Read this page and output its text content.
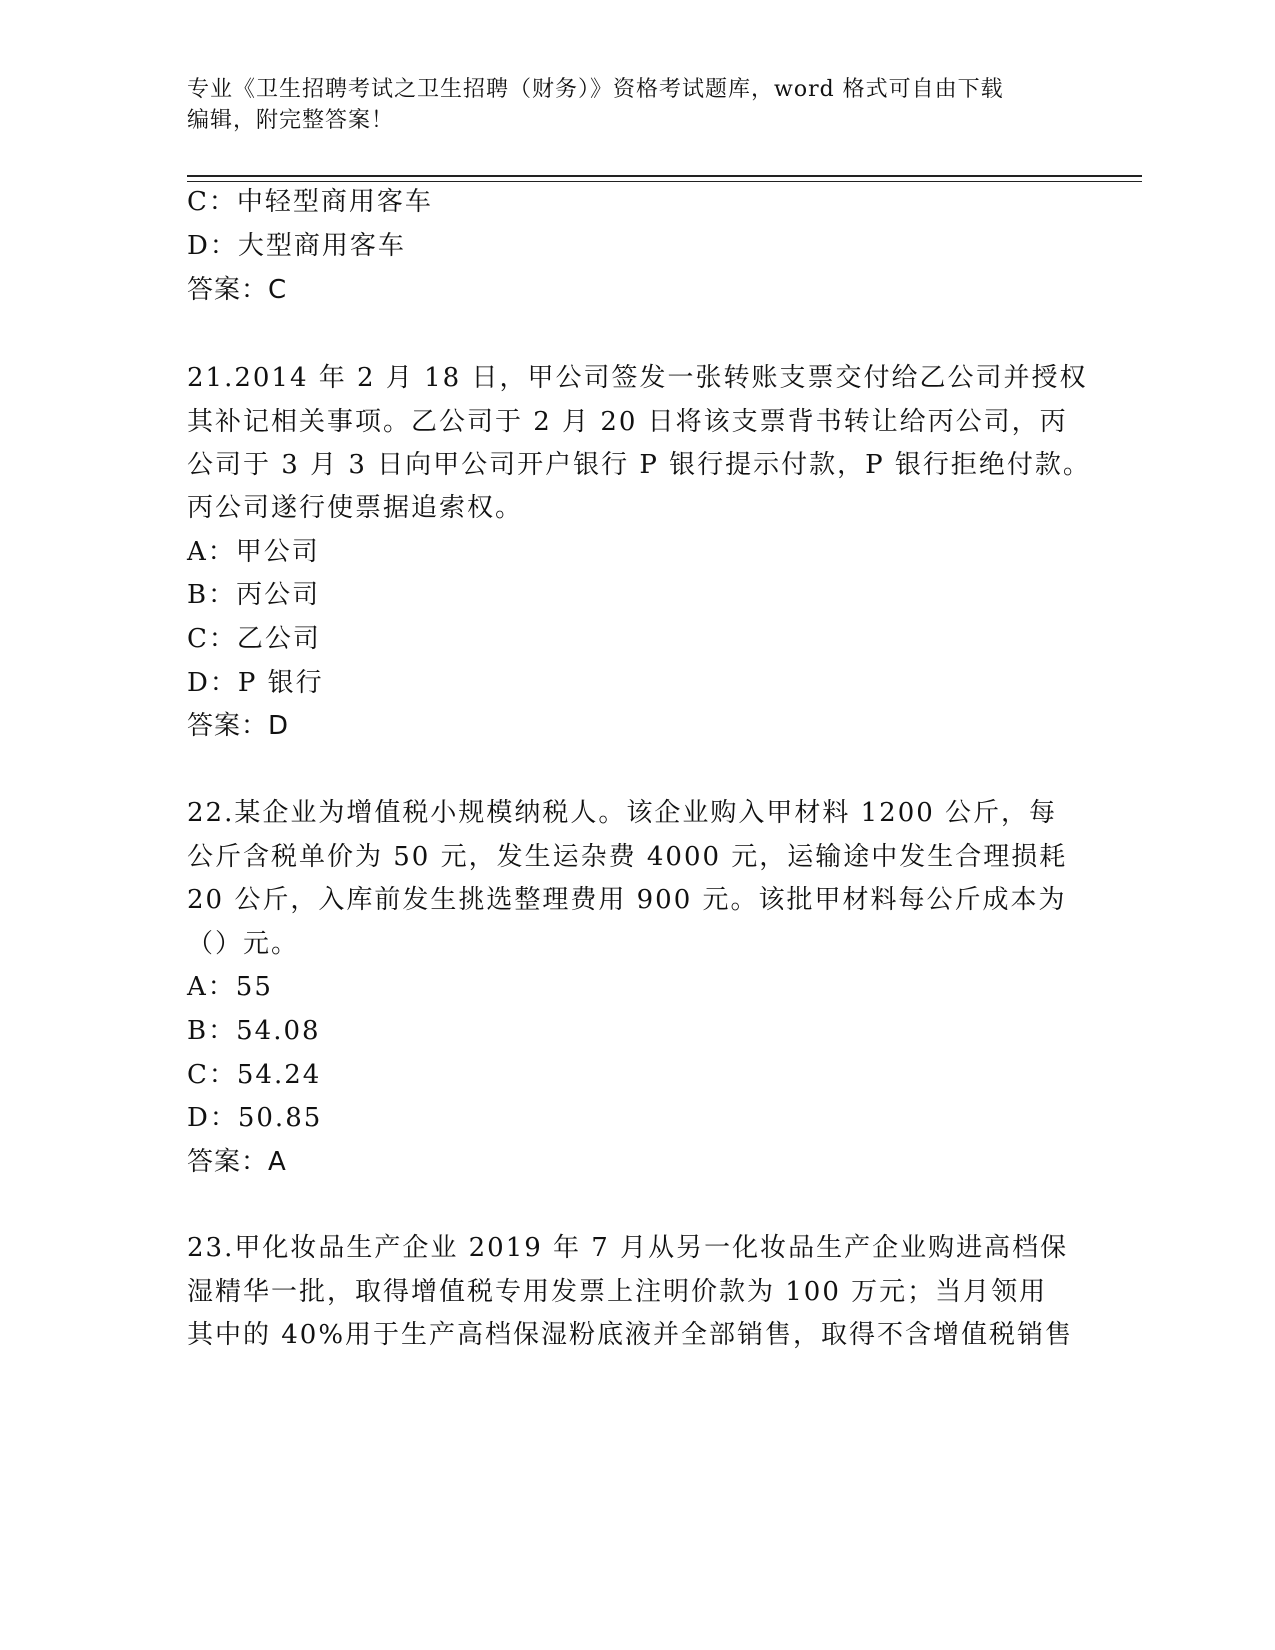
专业《卫生招聘考试之卫生招聘（财务）》资格考试题库，word 格式可自由下载
编辑，附完整答案！
C：中轻型商用客车
D：大型商用客车
答案：C
21.2014 年 2 月 18 日，甲公司签发一张转账支票交付给乙公司并授权
其补记相关事项。乙公司于 2 月 20 日将该支票背书转让给丙公司，丙
公司于 3 月 3 日向甲公司开户银行 P 银行提示付款，P 银行拒绝付款。
丙公司遂行使票据追索权。
A：甲公司
B：丙公司
C：乙公司
D：P 银行
答案：D
22.某企业为增值税小规模纳税人。该企业购入甲材料 1200 公斤，每
公斤含税单价为 50 元，发生运杂费 4000 元，运输途中发生合理损耗
20 公斤，入库前发生挑选整理费用 900 元。该批甲材料每公斤成本为
（）元。
A：55
B：54.08
C：54.24
D：50.85
答案：A
23.甲化妆品生产企业 2019 年 7 月从另一化妆品生产企业购进高档保
湿精华一批，取得增值税专用发票上注明价款为 100 万元；当月领用
其中的 40%用于生产高档保湿粉底液并全部销售，取得不含增值税销售
